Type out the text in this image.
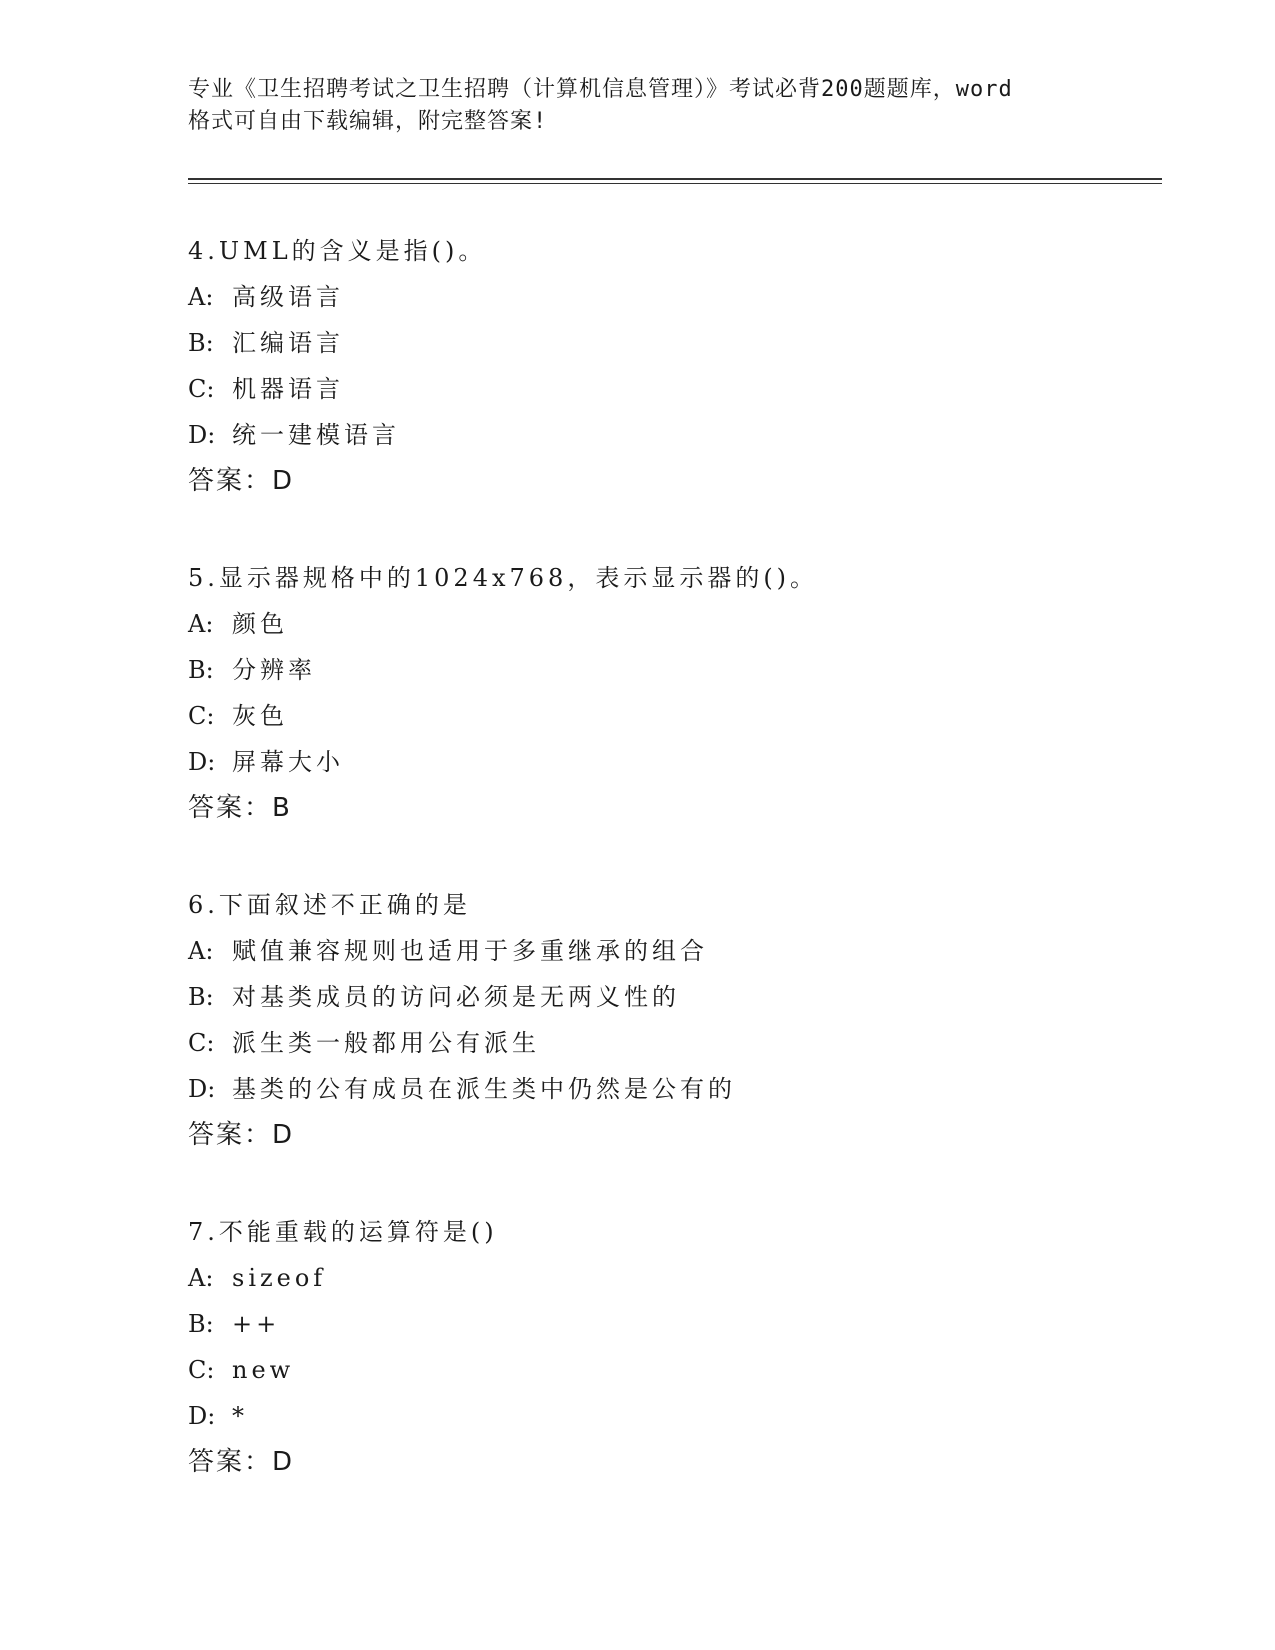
专业《卫生招聘考试之卫生招聘（计算机信息管理）》考试必背200题题库，word
格式可自由下载编辑，附完整答案!
4.UML的含义是指()。
A: 高级语言
B: 汇编语言
C: 机器语言
D: 统一建模语言
答案：D
5.显示器规格中的1024x768，表示显示器的()。
A: 颜色
B: 分辨率
C: 灰色
D: 屏幕大小
答案：B
6.下面叙述不正确的是
A: 赋值兼容规则也适用于多重继承的组合
B: 对基类成员的访问必须是无两义性的
C: 派生类一般都用公有派生
D: 基类的公有成员在派生类中仍然是公有的
答案：D
7.不能重载的运算符是()
A: sizeof
B: ++
C: new
D: *
答案：D
